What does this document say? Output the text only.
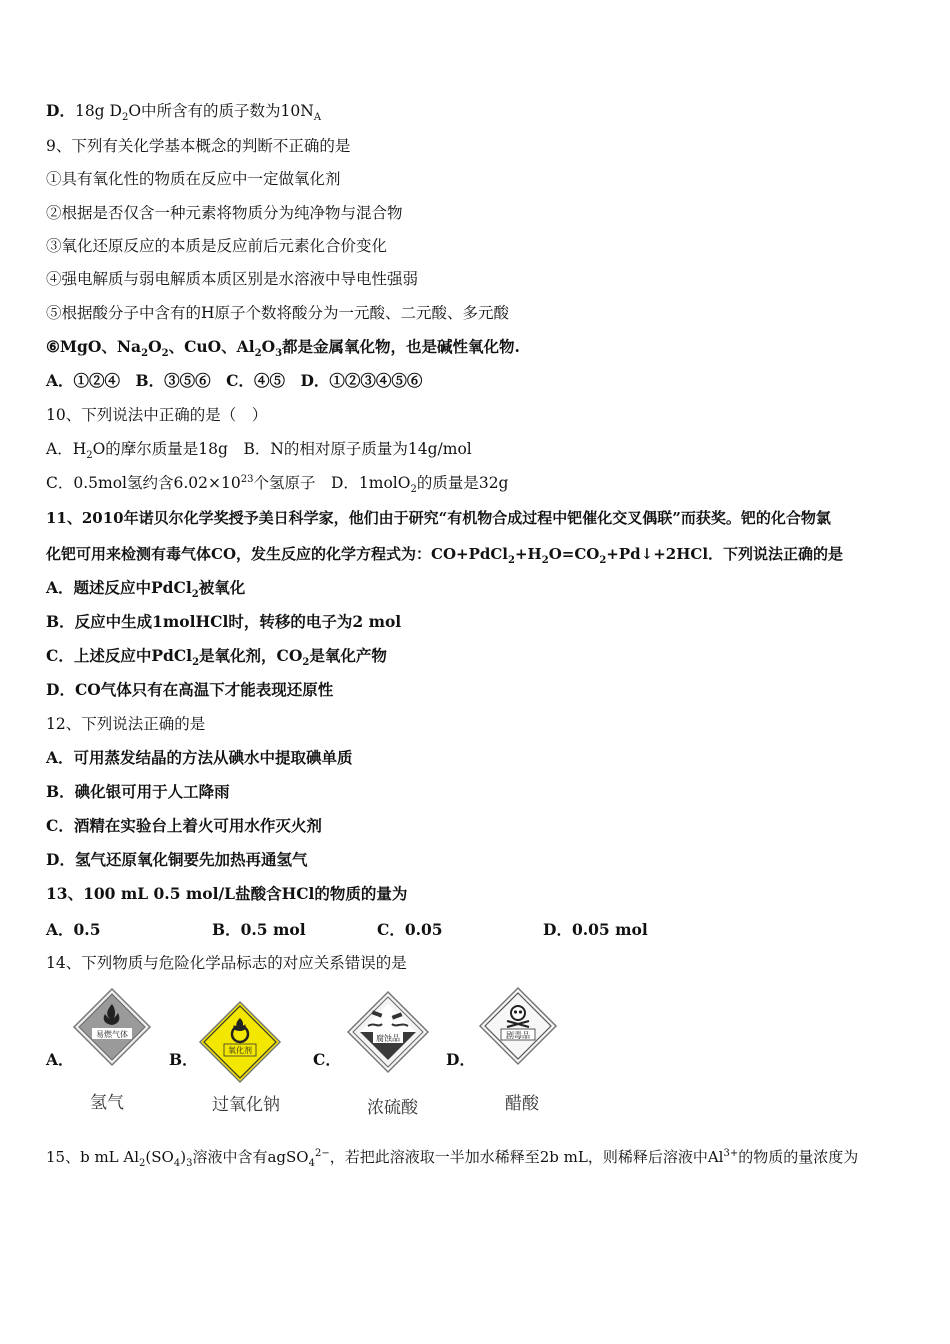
D．18g $D_2O$中所含有的质子数为$10N_A$
9、下列有关化学基本概念的判断不正确的是
①具有氧化性的物质在反应中一定做氧化剂
②根据是否仅含一种元素将物质分为纯净物与混合物
③氧化还原反应的本质是反应前后元素化合价变化
④强电解质与弱电解质本质区别是水溶液中导电性强弱
⑤根据酸分子中含有的H原子个数将酸分为一元酸、二元酸、多元酸
⑥MgO、$Na_2O_2$、CuO、$Al_2O_3$都是金属氧化物，也是碱性氧化物.
A．①②④　B．③⑤⑥　C．④⑤　D．①②③④⑤⑥
10、下列说法中正确的是（　）
A．$H_2O$的摩尔质量是18g　B．N的相对原子质量为14g/mol
C．0.5mol氢约含$6.02\times 10^{23}$个氢原子　D．1molO$_2$的质量是32g
11、2010年诺贝尔化学奖授予美日科学家，他们由于研究“有机物合成过程中钯催化交叉偶联”而获奖。钯的化合物氯
化钯可用来检测有毒气体CO，发生反应的化学方程式为：$CO+PdCl_2+H_2O=CO_2+Pd↓+2HCl$．下列说法正确的是
A．题述反应中PdCl$_2$被氧化
B．反应中生成1molHCl时，转移的电子为2 mol
C．上述反应中PdCl$_2$是氧化剂，$CO_2$是氧化产物
D．CO气体只有在高温下才能表现还原性
12、下列说法正确的是
A．可用蒸发结晶的方法从碘水中提取碘单质
B．碘化银可用于人工降雨
C．酒精在实验台上着火可用水作灭火剂
D．氢气还原氧化铜要先加热再通氢气
13、100 mL 0.5 mol/L盐酸含HCl的物质的量为
A．0.5	B．0.5 mol	C．0.05	D．0.05 mol
14、下列物质与危险化学品标志的对应关系错误的是
A．
易燃气体
氢气
B．	氧化剂
过氧化钠
C．
腐蚀品
浓硫酸
D．
剧毒品
醋酸
15、b mL $Al_2(SO_4)_3$溶液中含有agSO$_4^{2-}$，若把此溶液取一半加水稀释至2b mL，则稀释后溶液中$Al^{3+}$的物质的量浓度为
